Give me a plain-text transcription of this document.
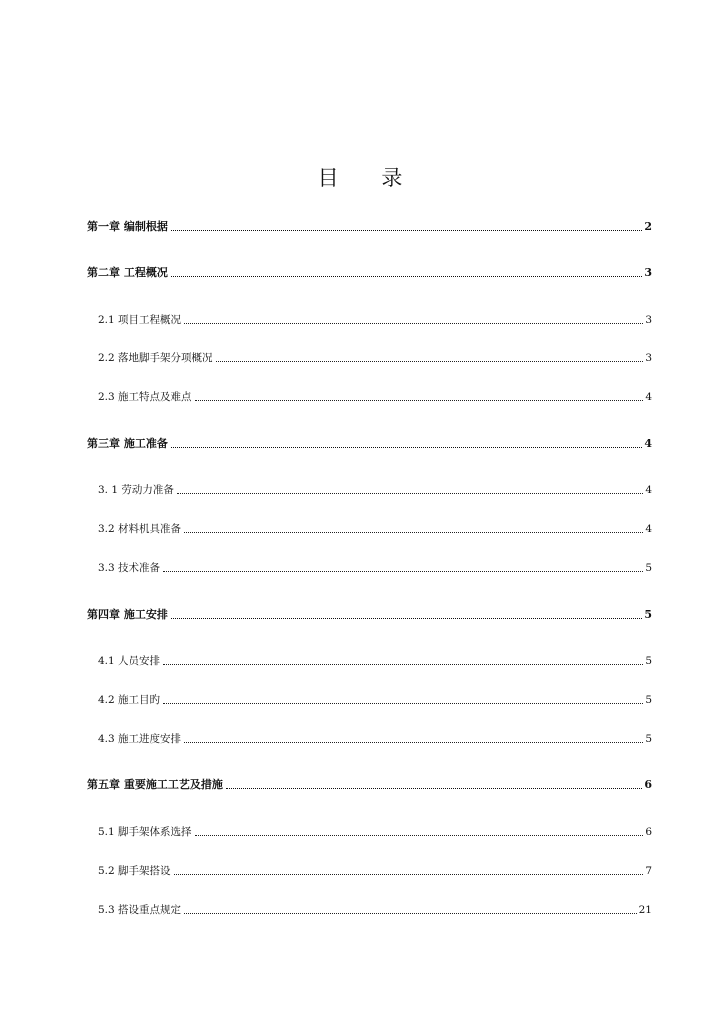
目 录
第一章 编制根据	2
第二章 工程概况	3
2.1 项目工程概况	3
2.2 落地脚手架分项概况	3
2.3 施工特点及难点	4
第三章 施工准备	4
3. 1 劳动力准备	4
3.2 材料机具准备	4
3.3 技术准备	5
第四章 施工安排	5
4.1 人员安排	5
4.2 施工目旳	5
4.3 施工进度安排	5
第五章 重要施工工艺及措施	6
5.1 脚手架体系选择	6
5.2 脚手架搭设	7
5.3 搭设重点规定	21
